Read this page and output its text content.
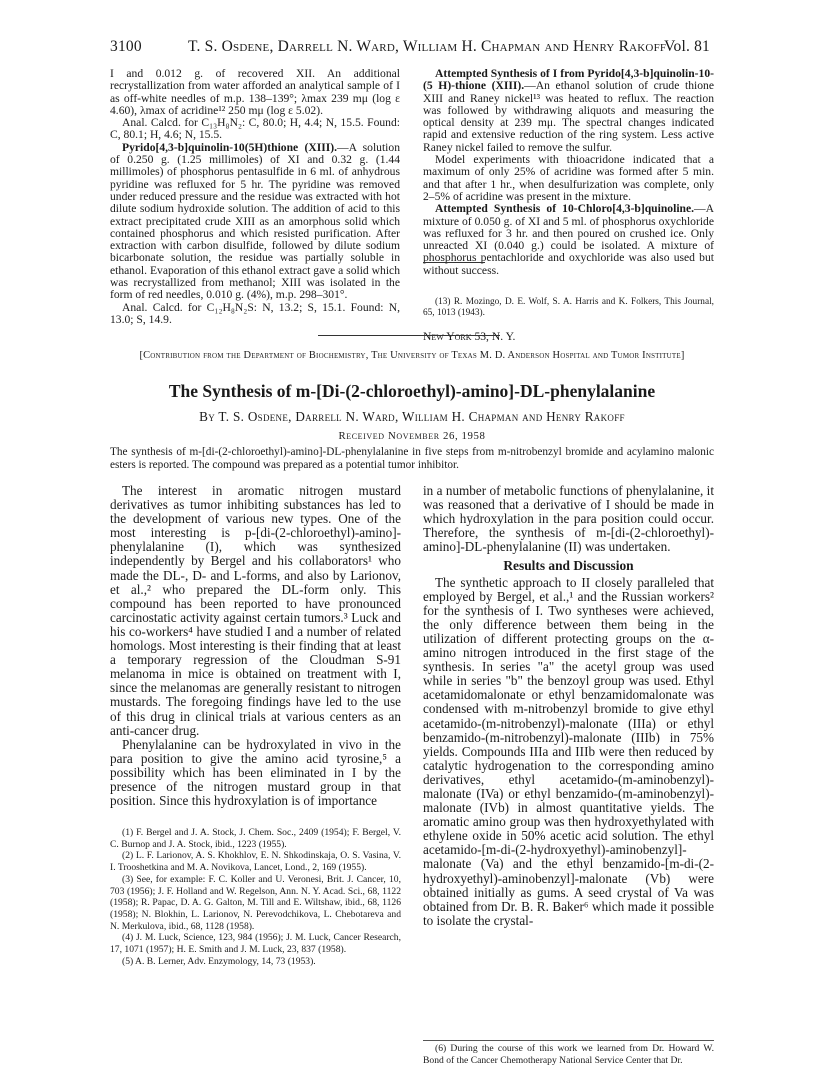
3100	T. S. Osdene, Darrell N. Ward, William H. Chapman and Henry Rakoff
Vol. 81

I and 0.012 g. of recovered XII. An additional recrystallization from water afforded an analytical sample of I as off-white needles of m.p. 138–139°; λmax 239 mμ (log ε 4.60), λmax of acridine¹² 250 mμ (log ε 5.02).

Anal. Calcd. for C₁₃H₈N₂: C, 80.0; H, 4.4; N, 15.5. Found: C, 80.1; H, 4.6; N, 15.5.

Pyrido[4,3-b]quinolin-10(5H)thione (XIII).—A solution of 0.250 g. (1.25 millimoles) of XI and 0.32 g. (1.44 millimoles) of phosphorus pentasulfide in 6 ml. of anhydrous pyridine was refluxed for 5 hr. The pyridine was removed under reduced pressure and the residue was extracted with hot dilute sodium hydroxide solution. The addition of acid to this extract precipitated crude XIII as an amorphous solid which contained phosphorus and which resisted purification. After extraction with carbon disulfide, followed by dilute sodium bicarbonate solution, the residue was partially soluble in ethanol. Evaporation of this ethanol extract gave a solid which was recrystallized from methanol; XIII was isolated in the form of red needles, 0.010 g. (4%), m.p. 298–301°.

Anal. Calcd. for C₁₂H₈N₂S: N, 13.2; S, 15.1. Found: N, 13.0; S, 14.9.

Attempted Synthesis of I from Pyrido[4,3-b]quinolin-10-(5 H)-thione (XIII).—An ethanol solution of crude thione XIII and Raney nickel¹³ was heated to reflux. The reaction was followed by withdrawing aliquots and measuring the optical density at 239 mμ. The spectral changes indicated rapid and extensive reduction of the ring system. Less active Raney nickel failed to remove the sulfur.

Model experiments with thioacridone indicated that a maximum of only 25% of acridine was formed after 5 min. and that after 1 hr., when desulfurization was complete, only 2–5% of acridine was present in the mixture.

Attempted Synthesis of 10-Chloro[4,3-b]quinoline.—A mixture of 0.050 g. of XI and 5 ml. of phosphorus oxychloride was refluxed for 3 hr. and then poured on crushed ice. Only unreacted XI (0.040 g.) could be isolated. A mixture of phosphorus pentachloride and oxychloride was also used but without success.

(13) R. Mozingo, D. E. Wolf, S. A. Harris and K. Folkers, This Journal, 65, 1013 (1943).

New York 53, N. Y.

[Contribution from the Department of Biochemistry, The University of Texas M. D. Anderson Hospital and Tumor Institute]
The Synthesis of m-[Di-(2-chloroethyl)-amino]-DL-phenylalanine
By T. S. Osdene, Darrell N. Ward, William H. Chapman and Henry Rakoff
Received November 26, 1958
The synthesis of m-[di-(2-chloroethyl)-amino]-DL-phenylalanine in five steps from m-nitrobenzyl bromide and acylamino malonic esters is reported. The compound was prepared as a potential tumor inhibitor.

The interest in aromatic nitrogen mustard derivatives as tumor inhibiting substances has led to the development of various new types. One of the most interesting is p-[di-(2-chloroethyl)-amino]-phenylalanine (I), which was synthesized independently by Bergel and his collaborators¹ who made the DL-, D- and L-forms, and also by Larionov, et al.,² who prepared the DL-form only. This compound has been reported to have pronounced carcinostatic activity against certain tumors.³ Luck and his co-workers⁴ have studied I and a number of related homologs. Most interesting is their finding that at least a temporary regression of the Cloudman S-91 melanoma in mice is obtained on treatment with I, since the melanomas are generally resistant to nitrogen mustards. The foregoing findings have led to the use of this drug in clinical trials at various centers as an anti-cancer drug.

Phenylalanine can be hydroxylated in vivo in the para position to give the amino acid tyrosine,⁵ a possibility which has been eliminated in I by the presence of the nitrogen mustard group in that position. Since this hydroxylation is of importance

in a number of metabolic functions of phenylalanine, it was reasoned that a derivative of I should be made in which hydroxylation in the para position could occur. Therefore, the synthesis of m-[di-(2-chloroethyl)-amino]-DL-phenylalanine (II) was undertaken.

Results and Discussion

The synthetic approach to II closely paralleled that employed by Bergel, et al.,¹ and the Russian workers² for the synthesis of I. Two syntheses were achieved, the only difference between them being in the utilization of different protecting groups on the α-amino nitrogen introduced in the first stage of the synthesis. In series "a" the acetyl group was used while in series "b" the benzoyl group was used. Ethyl acetamidomalonate or ethyl benzamidomalonate was condensed with m-nitrobenzyl bromide to give ethyl acetamido-(m-nitrobenzyl)-malonate (IIIa) or ethyl benzamido-(m-nitrobenzyl)-malonate (IIIb) in 75% yields. Compounds IIIa and IIIb were then reduced by catalytic hydrogenation to the corresponding amino derivatives, ethyl acetamido-(m-aminobenzyl)-malonate (IVa) or ethyl benzamido-(m-aminobenzyl)-malonate (IVb) in almost quantitative yields. The aromatic amino group was then hydroxyethylated with ethylene oxide in 50% acetic acid solution. The ethyl acetamido-[m-di-(2-hydroxyethyl)-aminobenzyl]-malonate (Va) and the ethyl benzamido-[m-di-(2-hydroxyethyl)-aminobenzyl]-malonate (Vb) were obtained initially as gums. A seed crystal of Va was obtained from Dr. B. R. Baker⁶ which made it possible to isolate the crystal-

(1) F. Bergel and J. A. Stock, J. Chem. Soc., 2409 (1954); F. Bergel, V. C. Burnop and J. A. Stock, ibid., 1223 (1955).

(2) L. F. Larionov, A. S. Khokhlov, E. N. Shkodinskaja, O. S. Vasina, V. I. Trooshetkina and M. A. Novikova, Lancet, Lond., 2, 169 (1955).

(3) See, for example: F. C. Koller and U. Veronesi, Brit. J. Cancer, 10, 703 (1956); J. F. Holland and W. Regelson, Ann. N. Y. Acad. Sci., 68, 1122 (1958); R. Papac, D. A. G. Galton, M. Till and E. Wiltshaw, ibid., 68, 1126 (1958); N. Blokhin, L. Larionov, N. Perevodchikova, L. Chebotareva and N. Merkulova, ibid., 68, 1128 (1958).

(4) J. M. Luck, Science, 123, 984 (1956); J. M. Luck, Cancer Research, 17, 1071 (1957); H. E. Smith and J. M. Luck, 23, 837 (1958).

(5) A. B. Lerner, Adv. Enzymology, 14, 73 (1953).

(6) During the course of this work we learned from Dr. Howard W. Bond of the Cancer Chemotherapy National Service Center that Dr.
